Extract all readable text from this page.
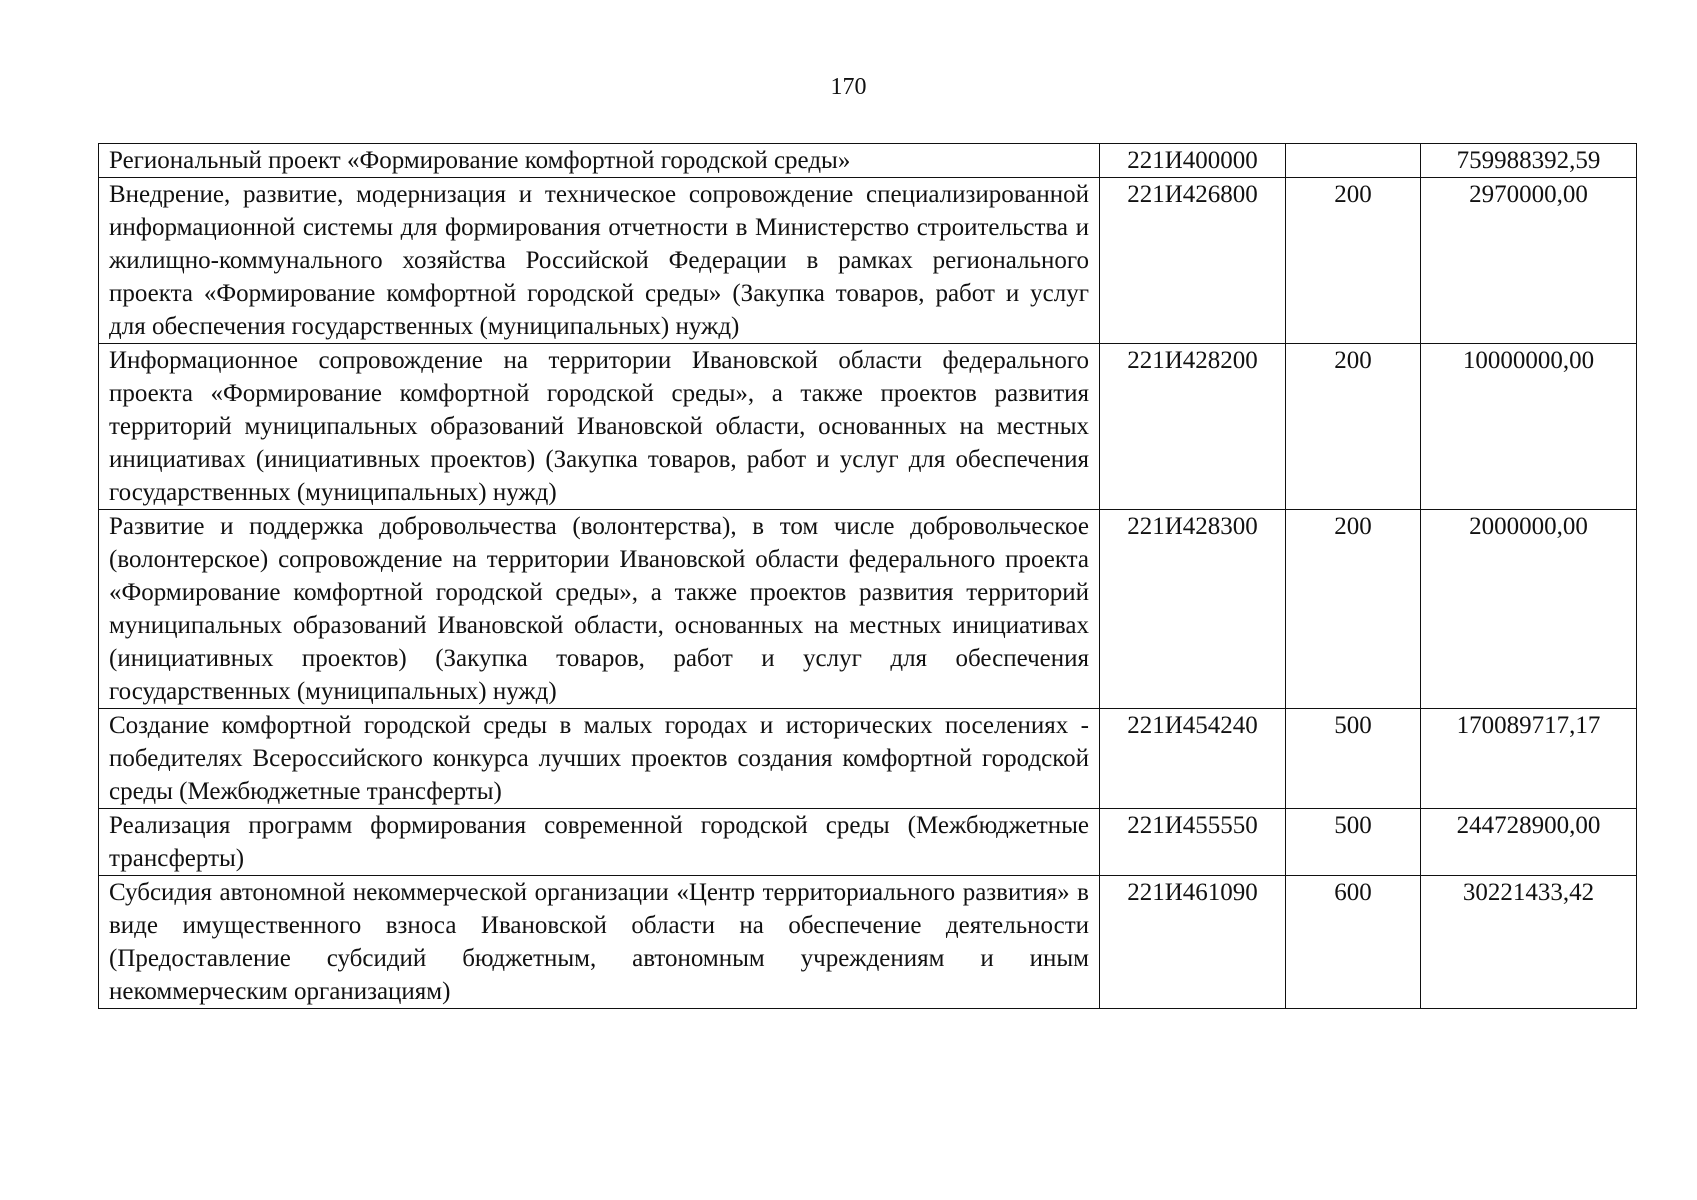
170
Региональный проект «Формирование комфортной городской среды»	221И400000		759988392,59
Внедрение, развитие, модернизация и техническое сопровождение специализированной информационной системы для формирования отчетности в Министерство строительства и жилищно-коммунального хозяйства Российской Федерации в рамках регионального проекта «Формирование комфортной городской среды» (Закупка товаров, работ и услуг для обеспечения государственных (муниципальных) нужд)	221И426800	200	2970000,00
Информационное сопровождение на территории Ивановской области федерального проекта «Формирование комфортной городской среды», а также проектов развития территорий муниципальных образований Ивановской области, основанных на местных инициативах (инициативных проектов) (Закупка товаров, работ и услуг для обеспечения государственных (муниципальных) нужд)	221И428200	200	10000000,00
Развитие и поддержка добровольчества (волонтерства), в том числе добровольческое (волонтерское) сопровождение на территории Ивановской области федерального проекта «Формирование комфортной городской среды», а также проектов развития территорий муниципальных образований Ивановской области, основанных на местных инициативах (инициативных проектов) (Закупка товаров, работ и услуг для обеспечения государственных (муниципальных) нужд)	221И428300	200	2000000,00
Создание комфортной городской среды в малых городах и исторических поселениях - победителях Всероссийского конкурса лучших проектов создания комфортной городской среды (Межбюджетные трансферты)	221И454240	500	170089717,17
Реализация программ формирования современной городской среды (Межбюджетные трансферты)	221И455550	500	244728900,00
Субсидия автономной некоммерческой организации «Центр территориального развития» в виде имущественного взноса Ивановской области на обеспечение деятельности (Предоставление субсидий бюджетным, автономным учреждениям и иным некоммерческим организациям)	221И461090	600	30221433,42
